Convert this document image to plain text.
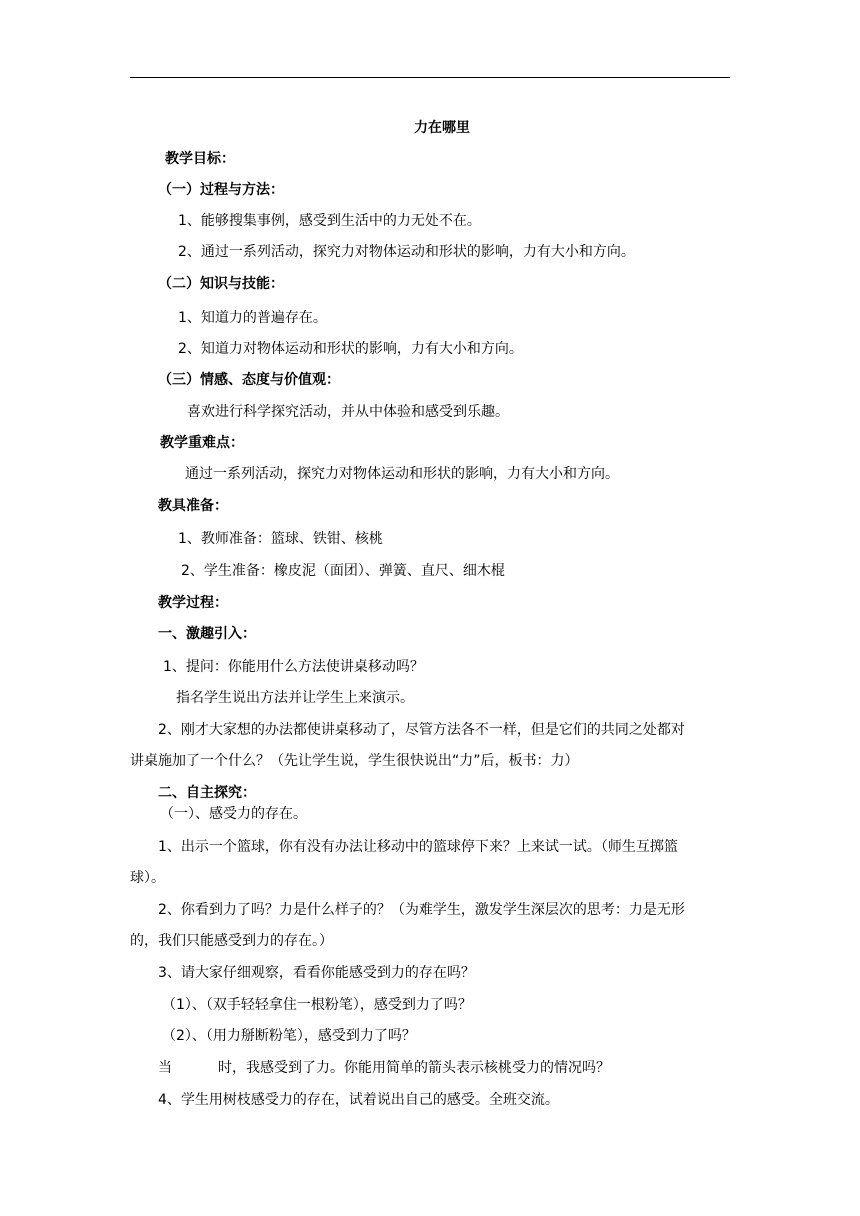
力在哪里
教学目标：
（一）过程与方法：
1、能够搜集事例，感受到生活中的力无处不在。
2、通过一系列活动，探究力对物体运动和形状的影响，力有大小和方向。
（二）知识与技能：
1、知道力的普遍存在。
2、知道力对物体运动和形状的影响，力有大小和方向。
（三）情感、态度与价值观：
喜欢进行科学探究活动，并从中体验和感受到乐趣。
教学重难点：
通过一系列活动，探究力对物体运动和形状的影响，力有大小和方向。
教具准备：
1、教师准备：篮球、铁钳、核桃
2、学生准备：橡皮泥（面团）、弹簧、直尺、细木棍
教学过程：
一、激趣引入：
1、提问：你能用什么方法使讲桌移动吗？
指名学生说出方法并让学生上来演示。
2、刚才大家想的办法都使讲桌移动了，尽管方法各不一样，但是它们的共同之处都对
讲桌施加了一个什么？（先让学生说，学生很快说出“力”后，板书：力）
二、自主探究：
（一）、感受力的存在。
1、出示一个篮球，你有没有办法让移动中的篮球停下来？上来试一试。（师生互掷篮
球）。
2、你看到力了吗？力是什么样子的？（为难学生，激发学生深层次的思考：力是无形
的，我们只能感受到力的存在。）
3、请大家仔细观察，看看你能感受到力的存在吗？
（1）、（双手轻轻拿住一根粉笔），感受到力了吗？
（2）、（用力掰断粉笔），感受到力了吗？
当	时，我感受到了力。你能用简单的箭头表示核桃受力的情况吗？
4、学生用树枝感受力的存在，试着说出自己的感受。全班交流。
